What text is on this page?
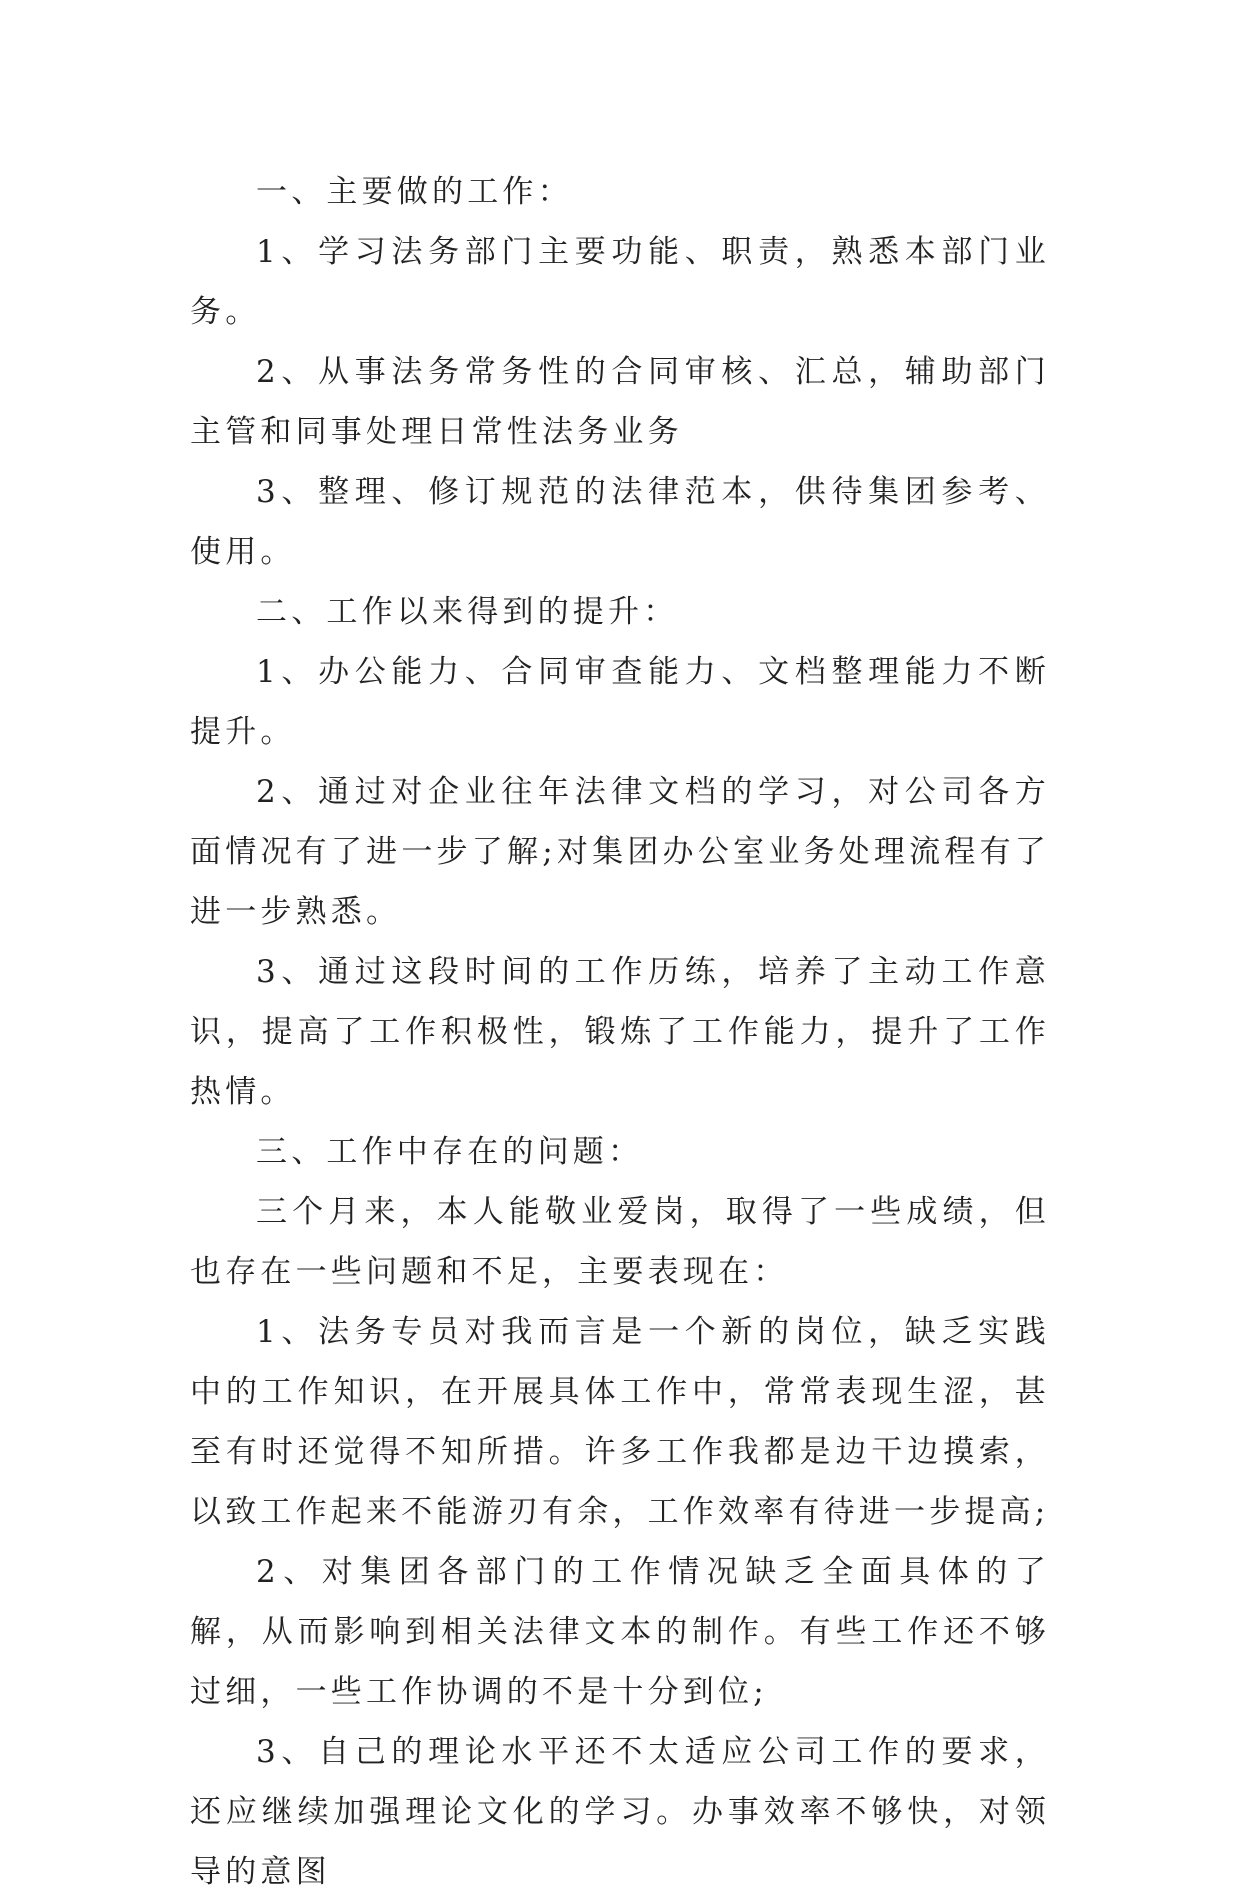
一、主要做的工作：

1、学习法务部门主要功能、职责，熟悉本部门业务。

2、从事法务常务性的合同审核、汇总，辅助部门主管和同事处理日常性法务业务

3、整理、修订规范的法律范本，供待集团参考、使用。

二、工作以来得到的提升：

1、办公能力、合同审查能力、文档整理能力不断提升。

2、通过对企业往年法律文档的学习，对公司各方面情况有了进一步了解;对集团办公室业务处理流程有了进一步熟悉。

3、通过这段时间的工作历练，培养了主动工作意识，提高了工作积极性，锻炼了工作能力，提升了工作热情。

三、工作中存在的问题：

三个月来，本人能敬业爱岗，取得了一些成绩，但也存在一些问题和不足，主要表现在：

1、法务专员对我而言是一个新的岗位，缺乏实践中的工作知识，在开展具体工作中，常常表现生涩，甚至有时还觉得不知所措。许多工作我都是边干边摸索，以致工作起来不能游刃有余，工作效率有待进一步提高;

2、对集团各部门的工作情况缺乏全面具体的了解，从而影响到相关法律文本的制作。有些工作还不够过细，一些工作协调的不是十分到位;

3、自己的理论水平还不太适应公司工作的要求，还应继续加强理论文化的学习。办事效率不够快，对领导的意图
